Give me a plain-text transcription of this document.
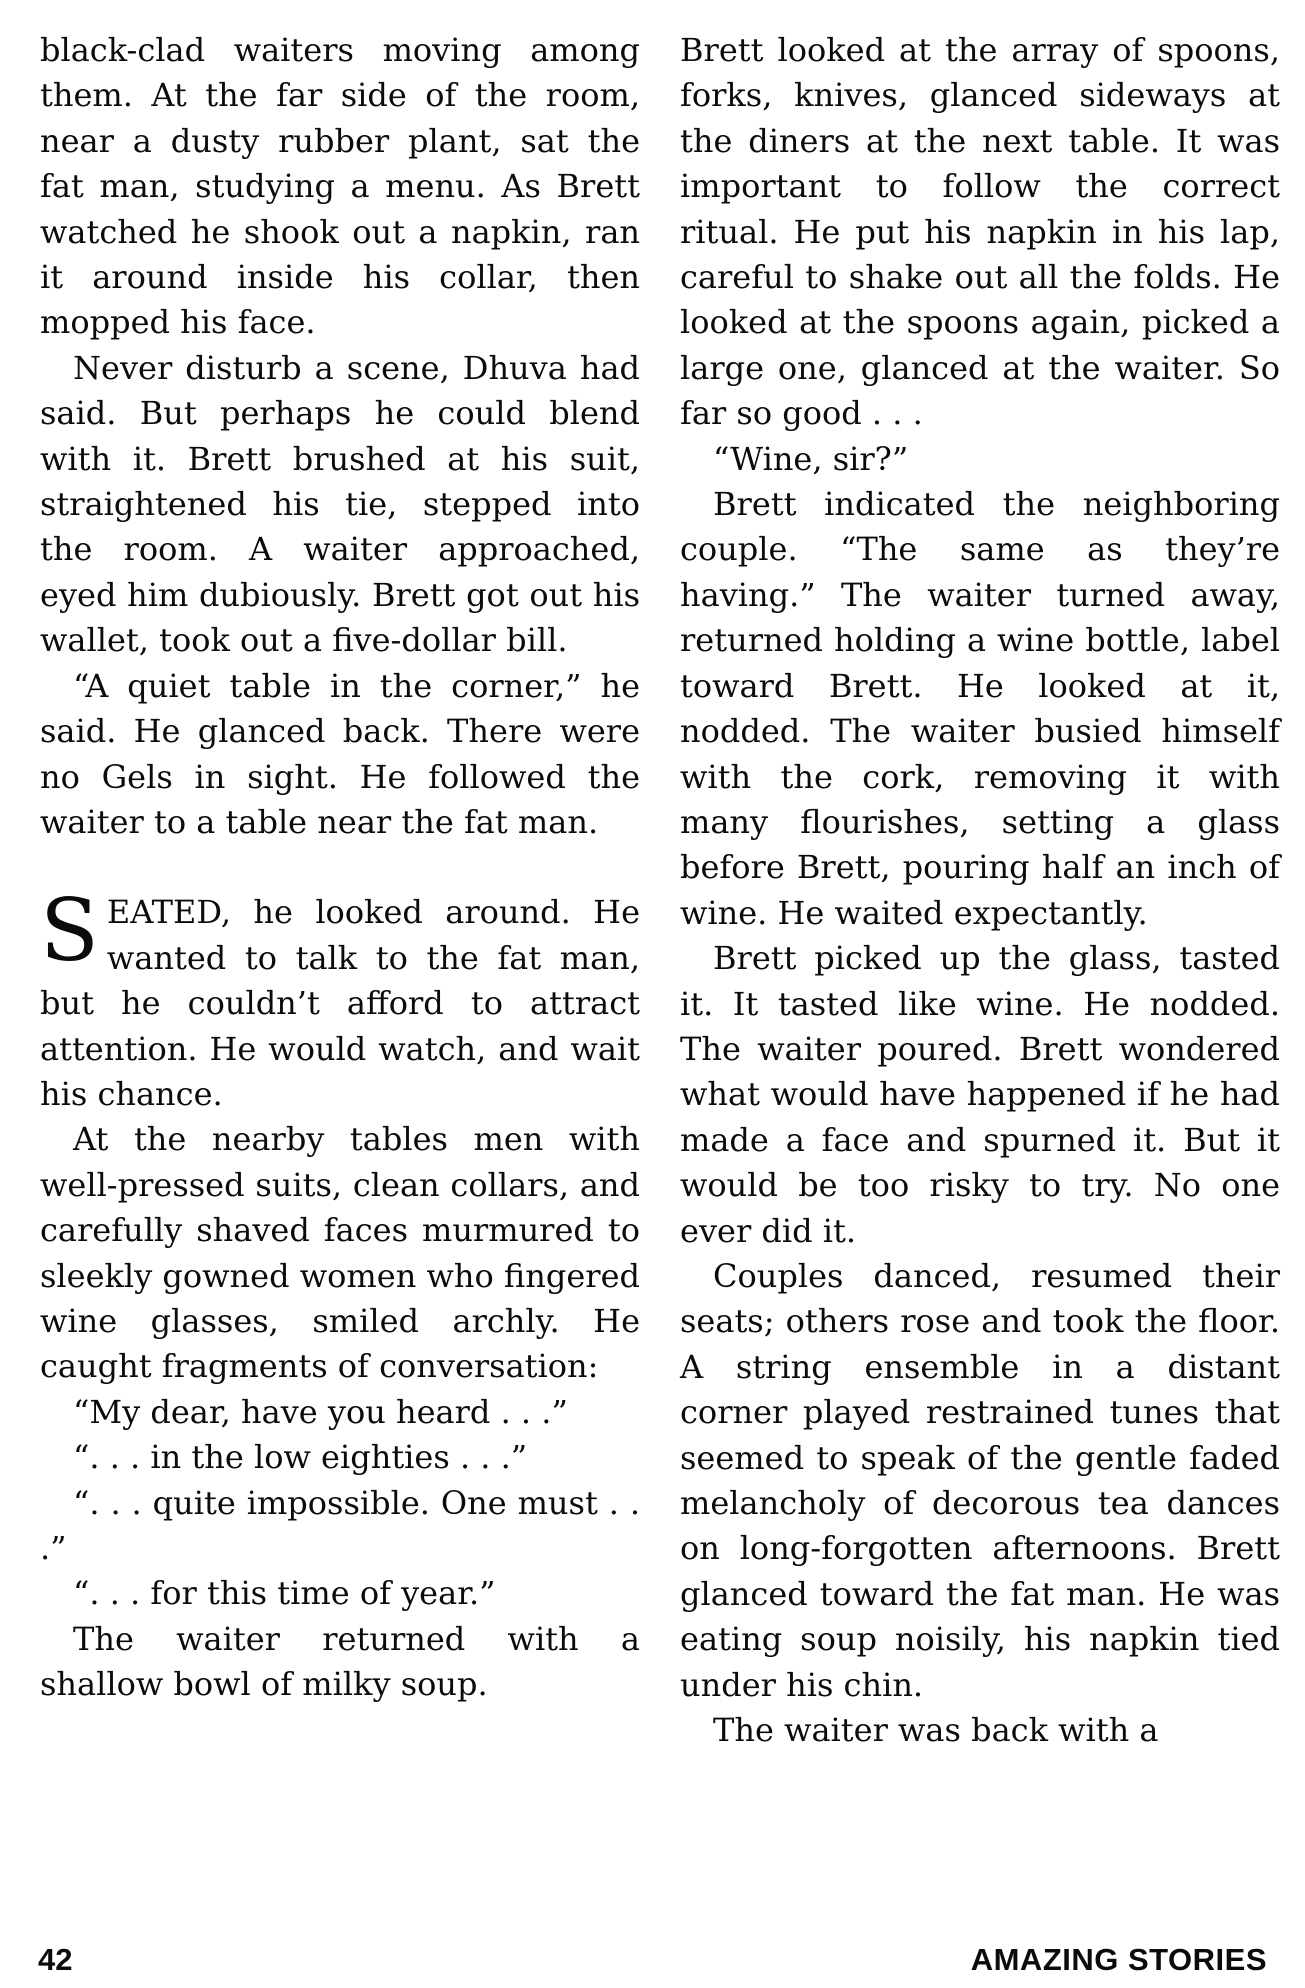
black-clad waiters moving among them. At the far side of the room, near a dusty rubber plant, sat the fat man, studying a menu. As Brett watched he shook out a napkin, ran it around inside his collar, then mopped his face.

Never disturb a scene, Dhuva had said. But perhaps he could blend with it. Brett brushed at his suit, straightened his tie, stepped into the room. A waiter approached, eyed him dubiously. Brett got out his wallet, took out a five-dollar bill.

“A quiet table in the corner,” he said. He glanced back. There were no Gels in sight. He followed the waiter to a table near the fat man.

SEATED, he looked around. He wanted to talk to the fat man, but he couldn’t afford to attract attention. He would watch, and wait his chance.

At the nearby tables men with well-pressed suits, clean collars, and carefully shaved faces murmured to sleekly gowned women who fingered wine glasses, smiled archly. He caught fragments of conversation:

“My dear, have you heard . . .”

“. . . in the low eighties . . .”

“. . . quite impossible. One must . . .”

“. . . for this time of year.”

The waiter returned with a shallow bowl of milky soup.

Brett looked at the array of spoons, forks, knives, glanced sideways at the diners at the next table. It was important to follow the correct ritual. He put his napkin in his lap, careful to shake out all the folds. He looked at the spoons again, picked a large one, glanced at the waiter. So far so good . . .

“Wine, sir?”

Brett indicated the neighboring couple. “The same as they’re having.” The waiter turned away, returned holding a wine bottle, label toward Brett. He looked at it, nodded. The waiter busied himself with the cork, removing it with many flourishes, setting a glass before Brett, pouring half an inch of wine. He waited expectantly.

Brett picked up the glass, tasted it. It tasted like wine. He nodded. The waiter poured. Brett wondered what would have happened if he had made a face and spurned it. But it would be too risky to try. No one ever did it.

Couples danced, resumed their seats; others rose and took the floor. A string ensemble in a distant corner played restrained tunes that seemed to speak of the gentle faded melancholy of decorous tea dances on long-forgotten afternoons. Brett glanced toward the fat man. He was eating soup noisily, his napkin tied under his chin.

The waiter was back with a

42	AMAZING STORIES
